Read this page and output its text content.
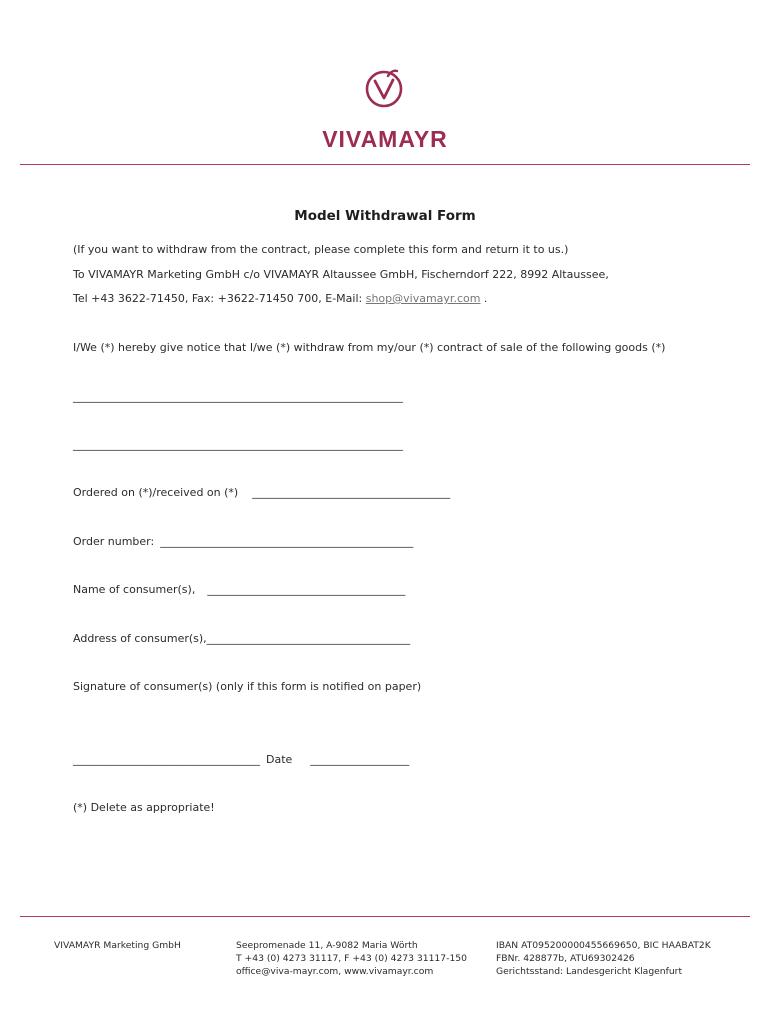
VIVAMAYR
Model Withdrawal Form
(If you want to withdraw from the contract, please complete this form and return it to us.)
To VIVAMAYR Marketing GmbH c/o VIVAMAYR Altaussee GmbH, Fischerndorf 222, 8992 Altaussee,
Tel +43 3622-71450, Fax: +3622-71450 700, E-Mail: shop@vivamayr.com .
I/We (*) hereby give notice that I/we (*) withdraw from my/our (*) contract of sale of the following goods (*)
____________________________________________________________
____________________________________________________________
Ordered on (*)/received on (*) ____________________________________
Order number: ______________________________________________
Name of consumer(s), ____________________________________
Address of consumer(s),_____________________________________
Signature of consumer(s) (only if this form is notified on paper)
__________________________________ Date __________________
(*) Delete as appropriate!
VIVAMAYR Marketing GmbH	Seepromenade 11, A-9082 Maria Wörth
T +43 (0) 4273 31117, F +43 (0) 4273 31117-150
office@viva-mayr.com, www.vivamayr.com
IBAN AT095200000455669650, BIC HAABAT2K
FBNr. 428877b, ATU69302426
Gerichtsstand: Landesgericht Klagenfurt
